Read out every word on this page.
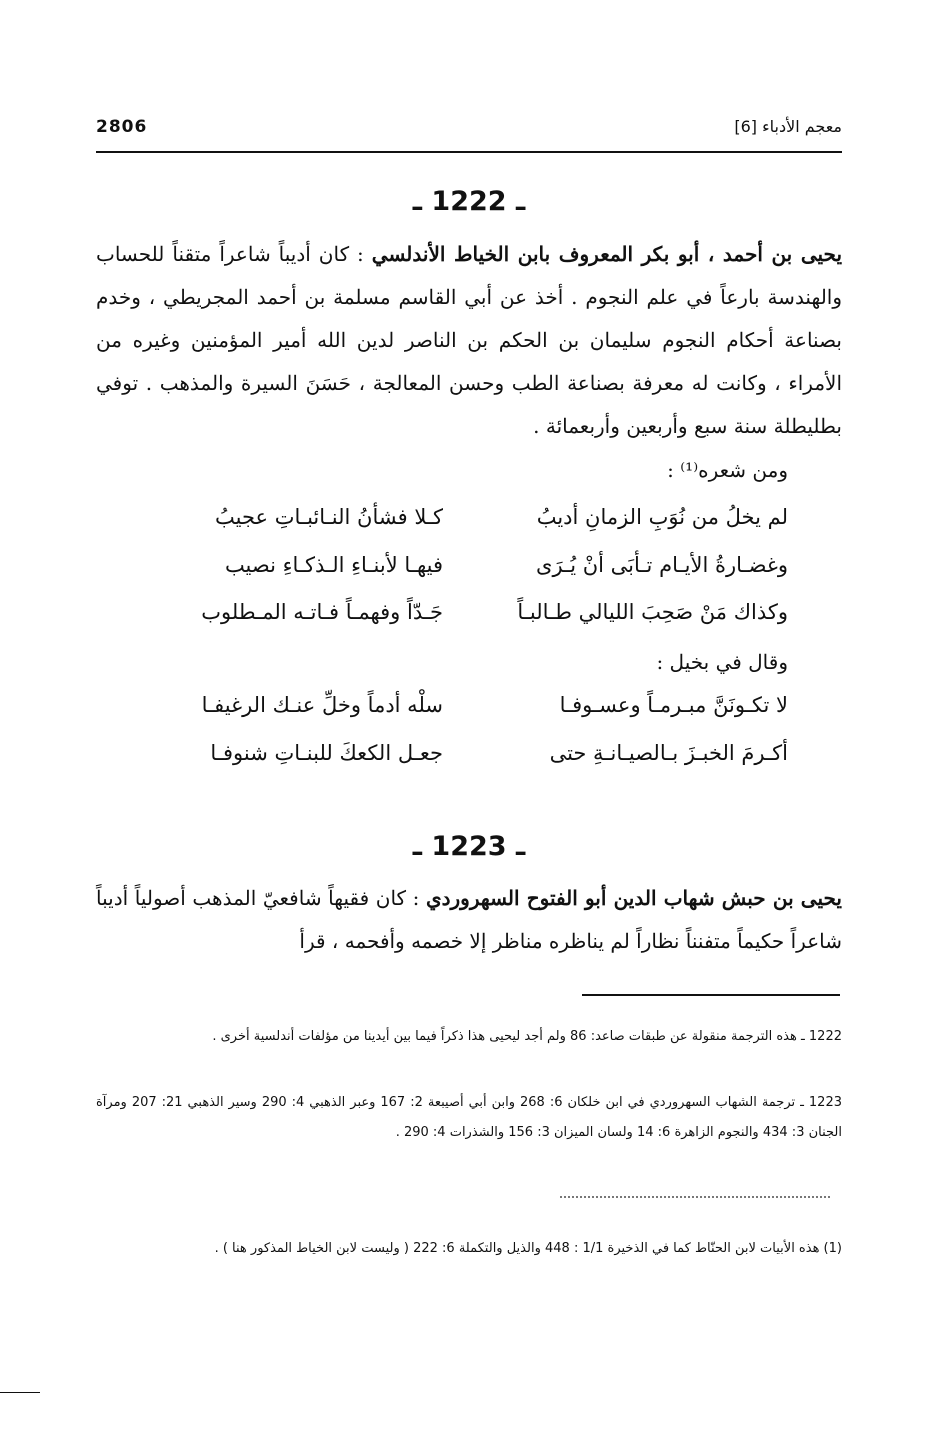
2806	معجم الأدباء [6]
ـ 1222 ـ
يحيى بن أحمد ، أبو بكر المعروف بابن الخياط الأندلسي : كان أديباً شاعراً متقناً للحساب والهندسة بارعاً في علم النجوم . أخذ عن أبي القاسم مسلمة بن أحمد المجريطي ، وخدم بصناعة أحكام النجوم سليمان بن الحكم بن الناصر لدين الله أمير المؤمنين وغيره من الأمراء ، وكانت له معرفة بصناعة الطب وحسن المعالجة ، حَسَنَ السيرة والمذهب . توفي بطليطلة سنة سبع وأربعين وأربعمائة .
ومن شعره⁽¹⁾ :
لم يخلُ من نُوَبِ الزمانِ أديبُ
كـلا فشأنُ النـائبـاتِ عجيبُ
وغضـارةُ الأيـام تـأبَى أنْ يُـرَى
فيهـا لأبنـاءِ الـذكـاءِ نصيب
وكذاك مَنْ صَحِبَ الليالي طـالبـاً
جَـدّاً وفهمـاً فـاتـه المـطلوب
وقال في بخيل :
لا تكـونَنَّ مبـرمـاً وعسـوفـا
سلْه أدماً وخلِّ عنـك الرغيفـا
أكـرمَ الخبـزَ بـالصيـانـةِ حتى
جعـل الكعكَ للبنـاتِ شنوفـا
ـ 1223 ـ
يحيى بن حبش شهاب الدين أبو الفتوح السهروردي : كان فقيهاً شافعيّ المذهب أصولياً أديباً شاعراً حكيماً متفنناً نظاراً لم يناظره مناظر إلا خصمه وأفحمه ، قرأ
1222 ـ هذه الترجمة منقولة عن طبقات صاعد: 86 ولم أجد ليحيى هذا ذكراً فيما بين أيدينا من مؤلفات أندلسية أخرى .
1223 ـ ترجمة الشهاب السهروردي في ابن خلكان 6: 268 وابن أبي أصيبعة 2: 167 وعبر الذهبي 4: 290 وسير الذهبي 21: 207 ومرآة الجنان 3: 434 والنجوم الزاهرة 6: 14 ولسان الميزان 3: 156 والشذرات 4: 290 .
(1) هذه الأبيات لابن الحنّاط كما في الذخيرة 1/1 : 448 والذيل والتكملة 6: 222 ( وليست لابن الخياط المذكور هنا ) .
